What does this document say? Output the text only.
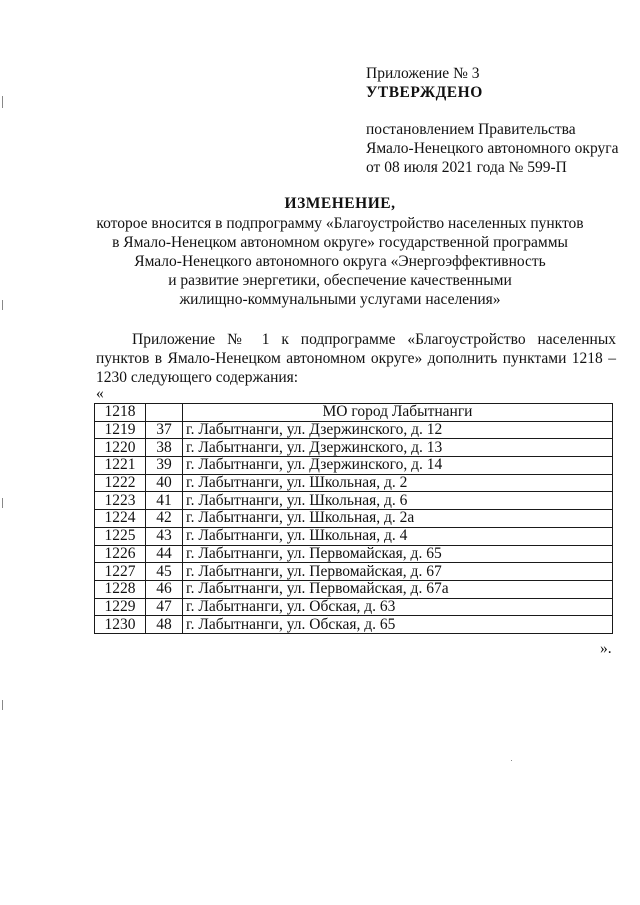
Приложение № 3
УТВЕРЖДЕНО
постановлением Правительства
Ямало-Ненецкого автономного округа
от 08 июля 2021 года № 599-П
ИЗМЕНЕНИЕ,
которое вносится в подпрограмму «Благоустройство населенных пунктов
в Ямало-Ненецком автономном округе» государственной программы
Ямало-Ненецкого автономного округа «Энергоэффективность
и развитие энергетики, обеспечение качественными
жилищно-коммунальными услугами населения»
Приложение № 1 к подпрограмме «Благоустройство населенных пунктов в Ямало-Ненецком автономном округе» дополнить пунктами 1218 – 1230 следующего содержания:
«
1218		МО город Лабытнанги
1219	37	г. Лабытнанги, ул. Дзержинского, д. 12
1220	38	г. Лабытнанги, ул. Дзержинского, д. 13
1221	39	г. Лабытнанги, ул. Дзержинского, д. 14
1222	40	г. Лабытнанги, ул. Школьная, д. 2
1223	41	г. Лабытнанги, ул. Школьная, д. 6
1224	42	г. Лабытнанги, ул. Школьная, д. 2а
1225	43	г. Лабытнанги, ул. Школьная, д. 4
1226	44	г. Лабытнанги, ул. Первомайская, д. 65
1227	45	г. Лабытнанги, ул. Первомайская, д. 67
1228	46	г. Лабытнанги, ул. Первомайская, д. 67а
1229	47	г. Лабытнанги, ул. Обская, д. 63
1230	48	г. Лабытнанги, ул. Обская, д. 65
».
